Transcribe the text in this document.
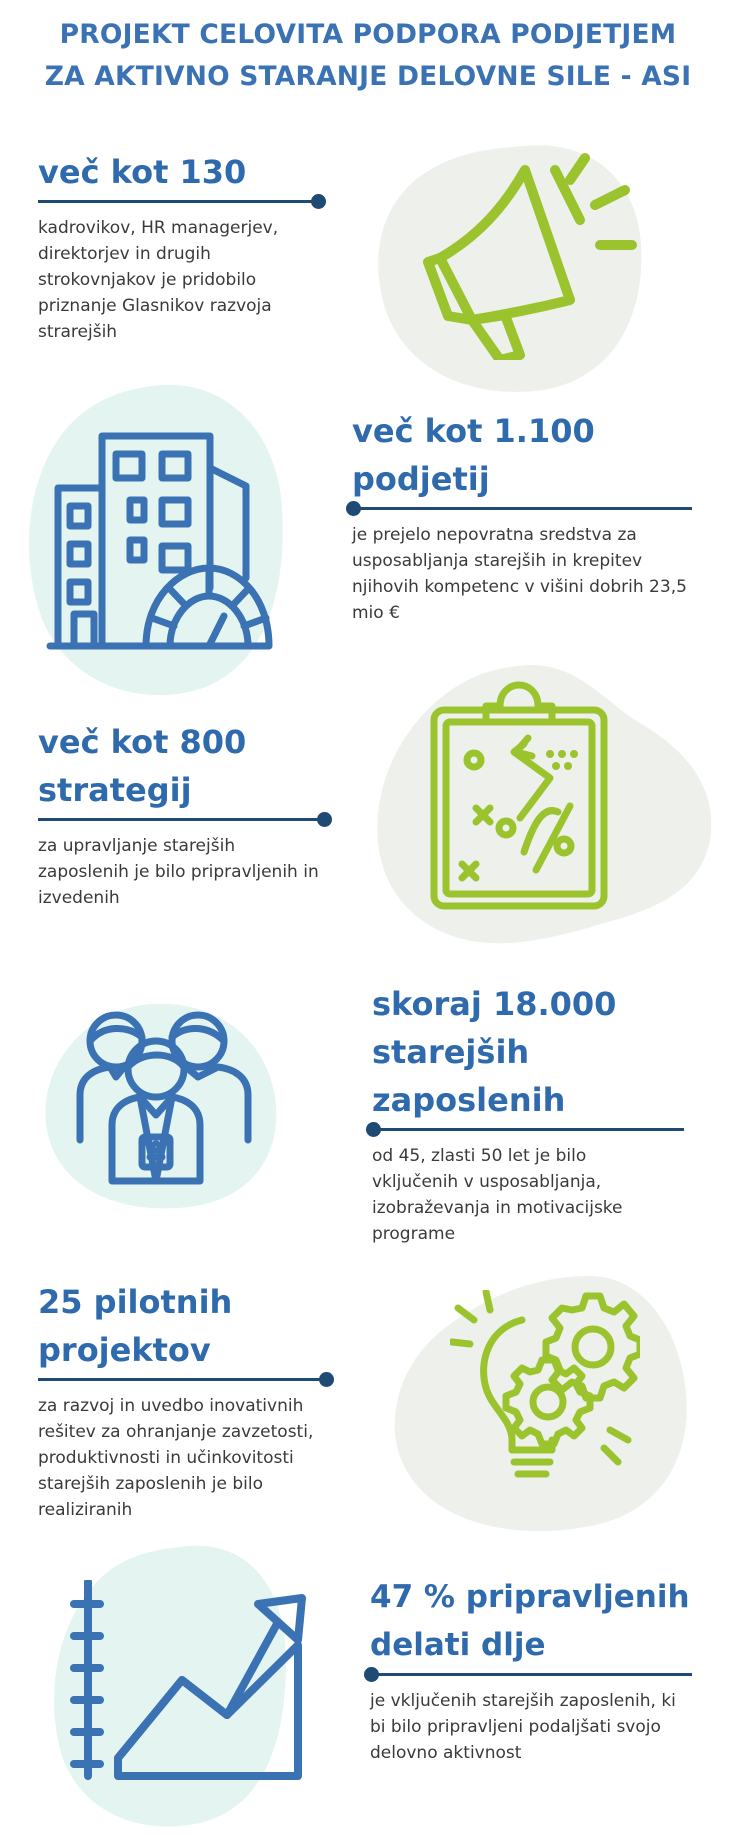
PROJEKT CELOVITA PODPORA PODJETJEM
ZA AKTIVNO STARANJE DELOVNE SILE - ASI
več kot 130
kadrovikov, HR managerjev, direktorjev in drugih strokovnjakov je pridobilo priznanje Glasnikov razvoja strarejših
več kot 1.100
podjetij
je prejelo nepovratna sredstva za usposabljanja starejših in krepitev njihovih kompetenc v višini dobrih 23,5 mio €
več kot 800
strategij
za upravljanje starejših zaposlenih je bilo pripravljenih in izvedenih
skoraj 18.000
starejših
zaposlenih
od 45, zlasti 50 let je bilo vključenih v usposabljanja, izobraževanja in motivacijske programe
25 pilotnih
projektov
za razvoj in uvedbo inovativnih rešitev za ohranjanje zavzetosti, produktivnosti in učinkovitosti starejših zaposlenih je bilo realiziranih
47 % pripravljenih
delati dlje
je vključenih starejših zaposlenih, ki bi bilo pripravljeni podaljšati svojo delovno aktivnost
